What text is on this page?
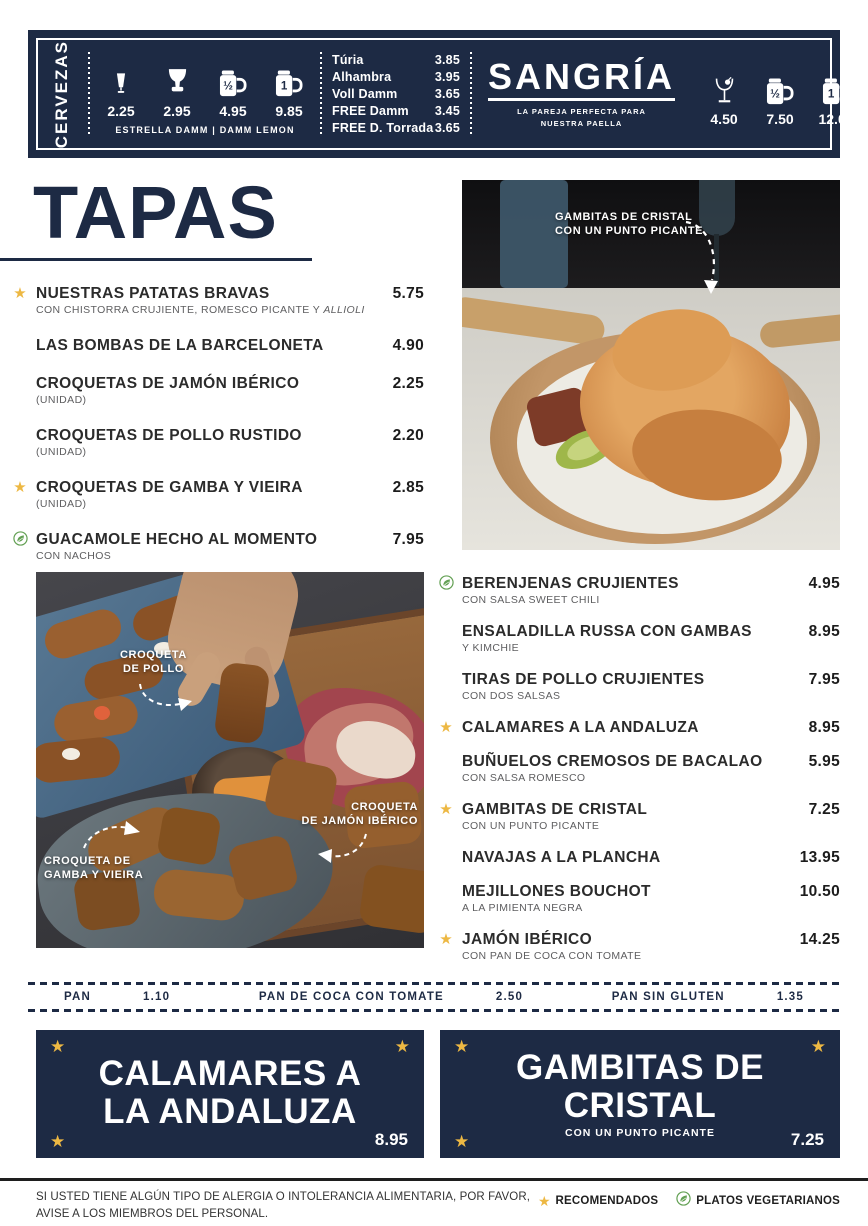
CERVEZAS	2.25 2.95
½
4.95
1
9.85
ESTRELLA DAMM | DAMM LEMON
Túria	3.85
Alhambra	3.95
Voll Damm	3.65
FREE Damm 3.45
FREE D. Torrada 3.65
SANGRÍA
LA PAREJA PERFECTA PARA
NUESTRA PAELLA	4.50
½
7.50
1
12.00
TAPAS
★ NUESTRAS PATATAS BRAVAS	5.75
CON CHISTORRA CRUJIENTE, ROMESCO PICANTE Y ALLIOLI
LAS BOMBAS DE LA BARCELONETA	4.90
CROQUETAS DE JAMÓN IBÉRICO	2.25
(UNIDAD)
CROQUETAS DE POLLO RUSTIDO	2.20
(UNIDAD)
★ CROQUETAS DE GAMBA Y VIEIRA	2.85
(UNIDAD)
GUACAMOLE HECHO AL MOMENTO	7.95
CON NACHOS
GAMBITAS DE CRISTAL
CON UN PUNTO PICANTE
CROQUETA
DE POLLO
CROQUETA
DE JAMÓN IBÉRICO
CROQUETA DE
GAMBA Y VIEIRA
BERENJENAS CRUJIENTES	4.95
CON SALSA SWEET CHILI
ENSALADILLA RUSSA CON GAMBAS	8.95
Y KIMCHIE
TIRAS DE POLLO CRUJIENTES	7.95
CON DOS SALSAS
★ CALAMARES A LA ANDALUZA	8.95
BUÑUELOS CREMOSOS DE BACALAO	5.95
CON SALSA ROMESCO
★ GAMBITAS DE CRISTAL	7.25
CON UN PUNTO PICANTE
NAVAJAS A LA PLANCHA	13.95
MEJILLONES BOUCHOT	10.50
A LA PIMIENTA NEGRA
★ JAMÓN IBÉRICO	14.25
CON PAN DE COCA CON TOMATE
PAN	1.10	PAN DE COCA CON TOMATE	2.50	PAN SIN GLUTEN	1.35
★	★
★
CALAMARES A
LA ANDALUZA
8.95
★	★
★
GAMBITAS DE
CRISTAL
CON UN PUNTO PICANTE	7.25
SI USTED TIENE ALGÚN TIPO DE ALERGIA O INTOLERANCIA ALIMENTARIA, POR FAVOR,
AVISE A LOS MIEMBROS DEL PERSONAL.
★ RECOMENDADOS	PLATOS VEGETARIANOS
